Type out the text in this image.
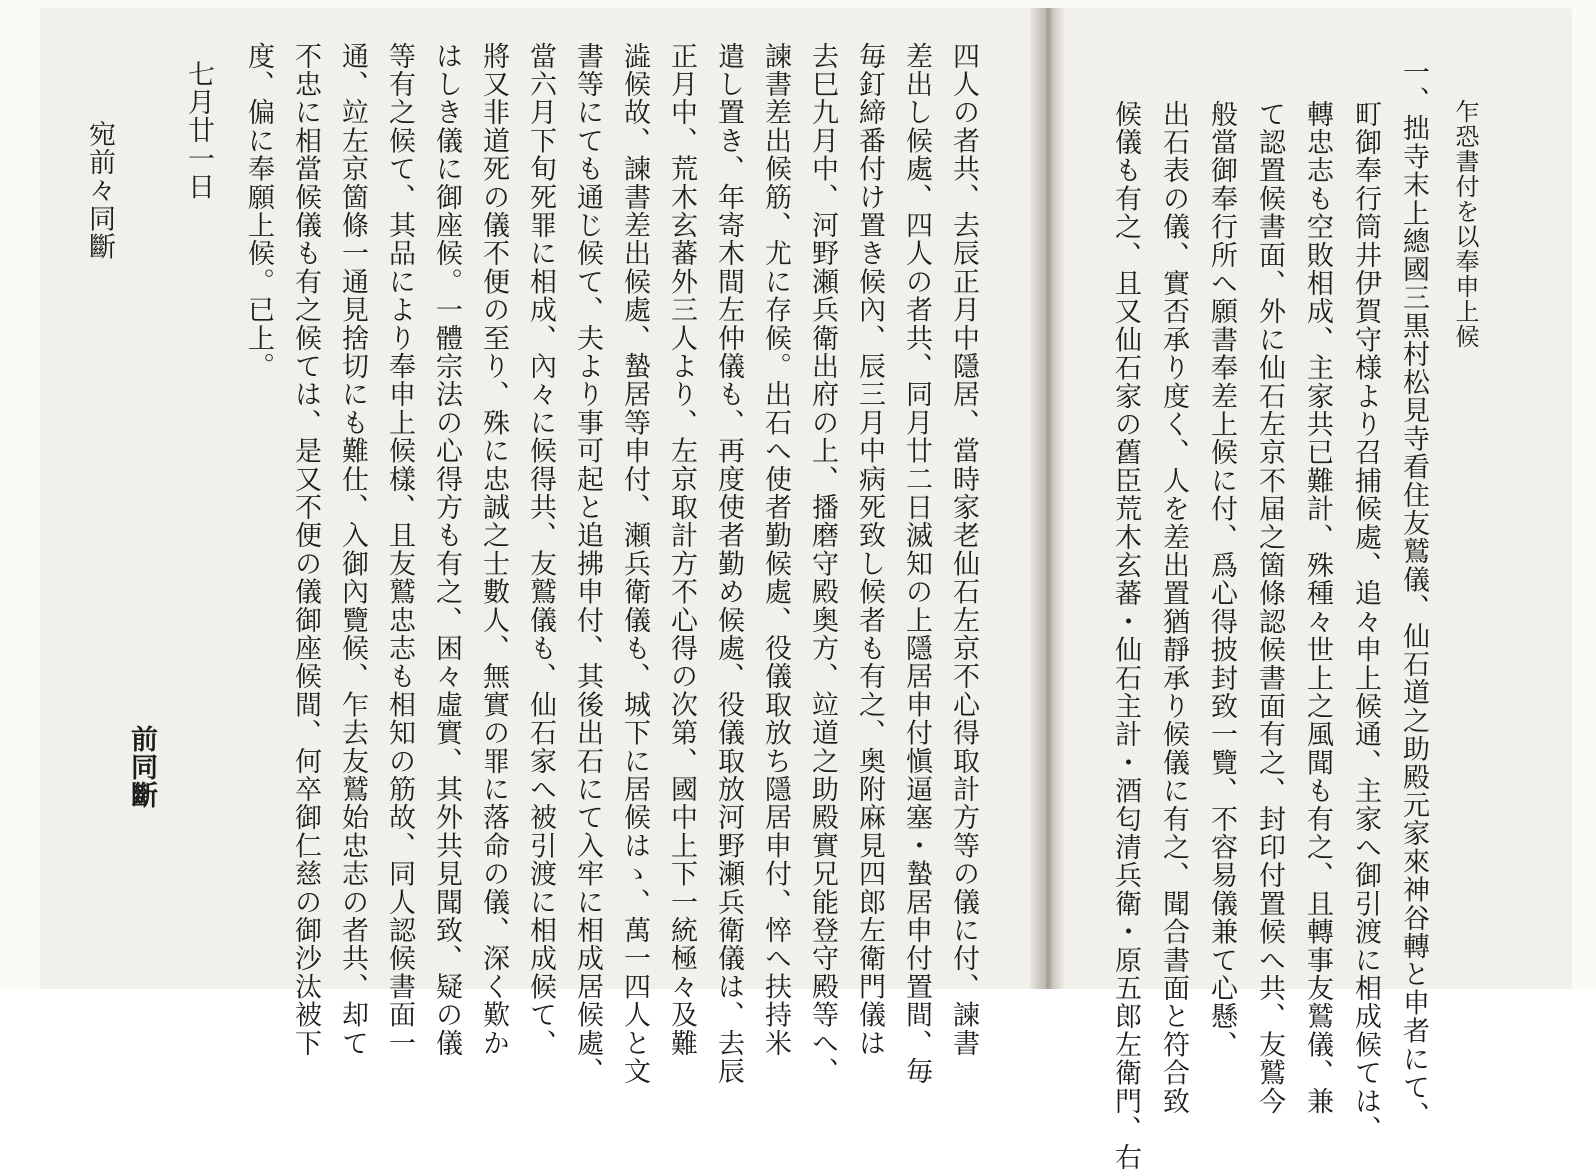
乍恐書付を以奉申上候
一、拙寺末上總國三黒村松見寺看住友鷲儀、仙石道之助殿元家來神谷轉と申者にて、
町御奉行筒井伊賀守様より召捕候處、追々申上候通、主家へ御引渡に相成候ては、
轉忠志も空敗相成、主家共已難計、殊種々世上之風聞も有之、且轉事友鷲儀、兼
て認置候書面、外に仙石左京不届之箇條認候書面有之、封印付置候へ共、友鷲今
般當御奉行所へ願書奉差上候に付、爲心得披封致一覽、不容易儀兼て心懸、
出石表の儀、實否承り度く、人を差出置猶靜承り候儀に有之、聞合書面と符合致
候儀も有之、且又仙石家の舊臣荒木玄蕃・仙石主計・酒匂清兵衛・原五郎左衛門、右
四人の者共、去辰正月中隱居、當時家老仙石左京不心得取計方等の儀に付、諫書
差出し候處、四人の者共、同月廿二日滅知の上隱居申付愼逼塞・蟄居申付置間、毎
毎釘締番付け置き候內、辰三月中病死致し候者も有之、奥附麻見四郎左衛門儀は
去巳九月中、河野瀬兵衛出府の上、播磨守殿奥方、竝道之助殿實兄能登守殿等へ、
諫書差出候筋、尤に存候。出石へ使者勤候處、役儀取放ち隱居申付、悴へ扶持米
遣し置き、年寄木間左仲儀も、再度使者勤め候處、役儀取放河野瀬兵衛儀は、去辰
正月中、荒木玄蕃外三人より、左京取計方不心得の次第、國中上下一統極々及難
澁候故、諫書差出候處、蟄居等申付、瀬兵衛儀も、城下に居候はゝ、萬一四人と文
書等にても通じ候て、夫より事可起と追拂申付、其後出石にて入牢に相成居候處、
當六月下旬死罪に相成、內々に候得共、友鷲儀も、仙石家へ被引渡に相成候て、
將又非道死の儀不便の至り、殊に忠誠之士數人、無實の罪に落命の儀、深く歎か
はしき儀に御座候。一體宗法の心得方も有之、困々虛實、其外共見聞致、疑の儀
等有之候て、其品により奉申上候樣、且友鷲忠志も相知の筋故、同人認候書面一
通、竝左京箇條一通見捨切にも難仕、入御內覽候、乍去友鷲始忠志の者共、却て
不忠に相當候儀も有之候ては、是又不便の儀御座候間、何卒御仁慈の御沙汰被下
度、偏に奉願上候。已上。
七月廿一日
前同斷
宛前々同斷
